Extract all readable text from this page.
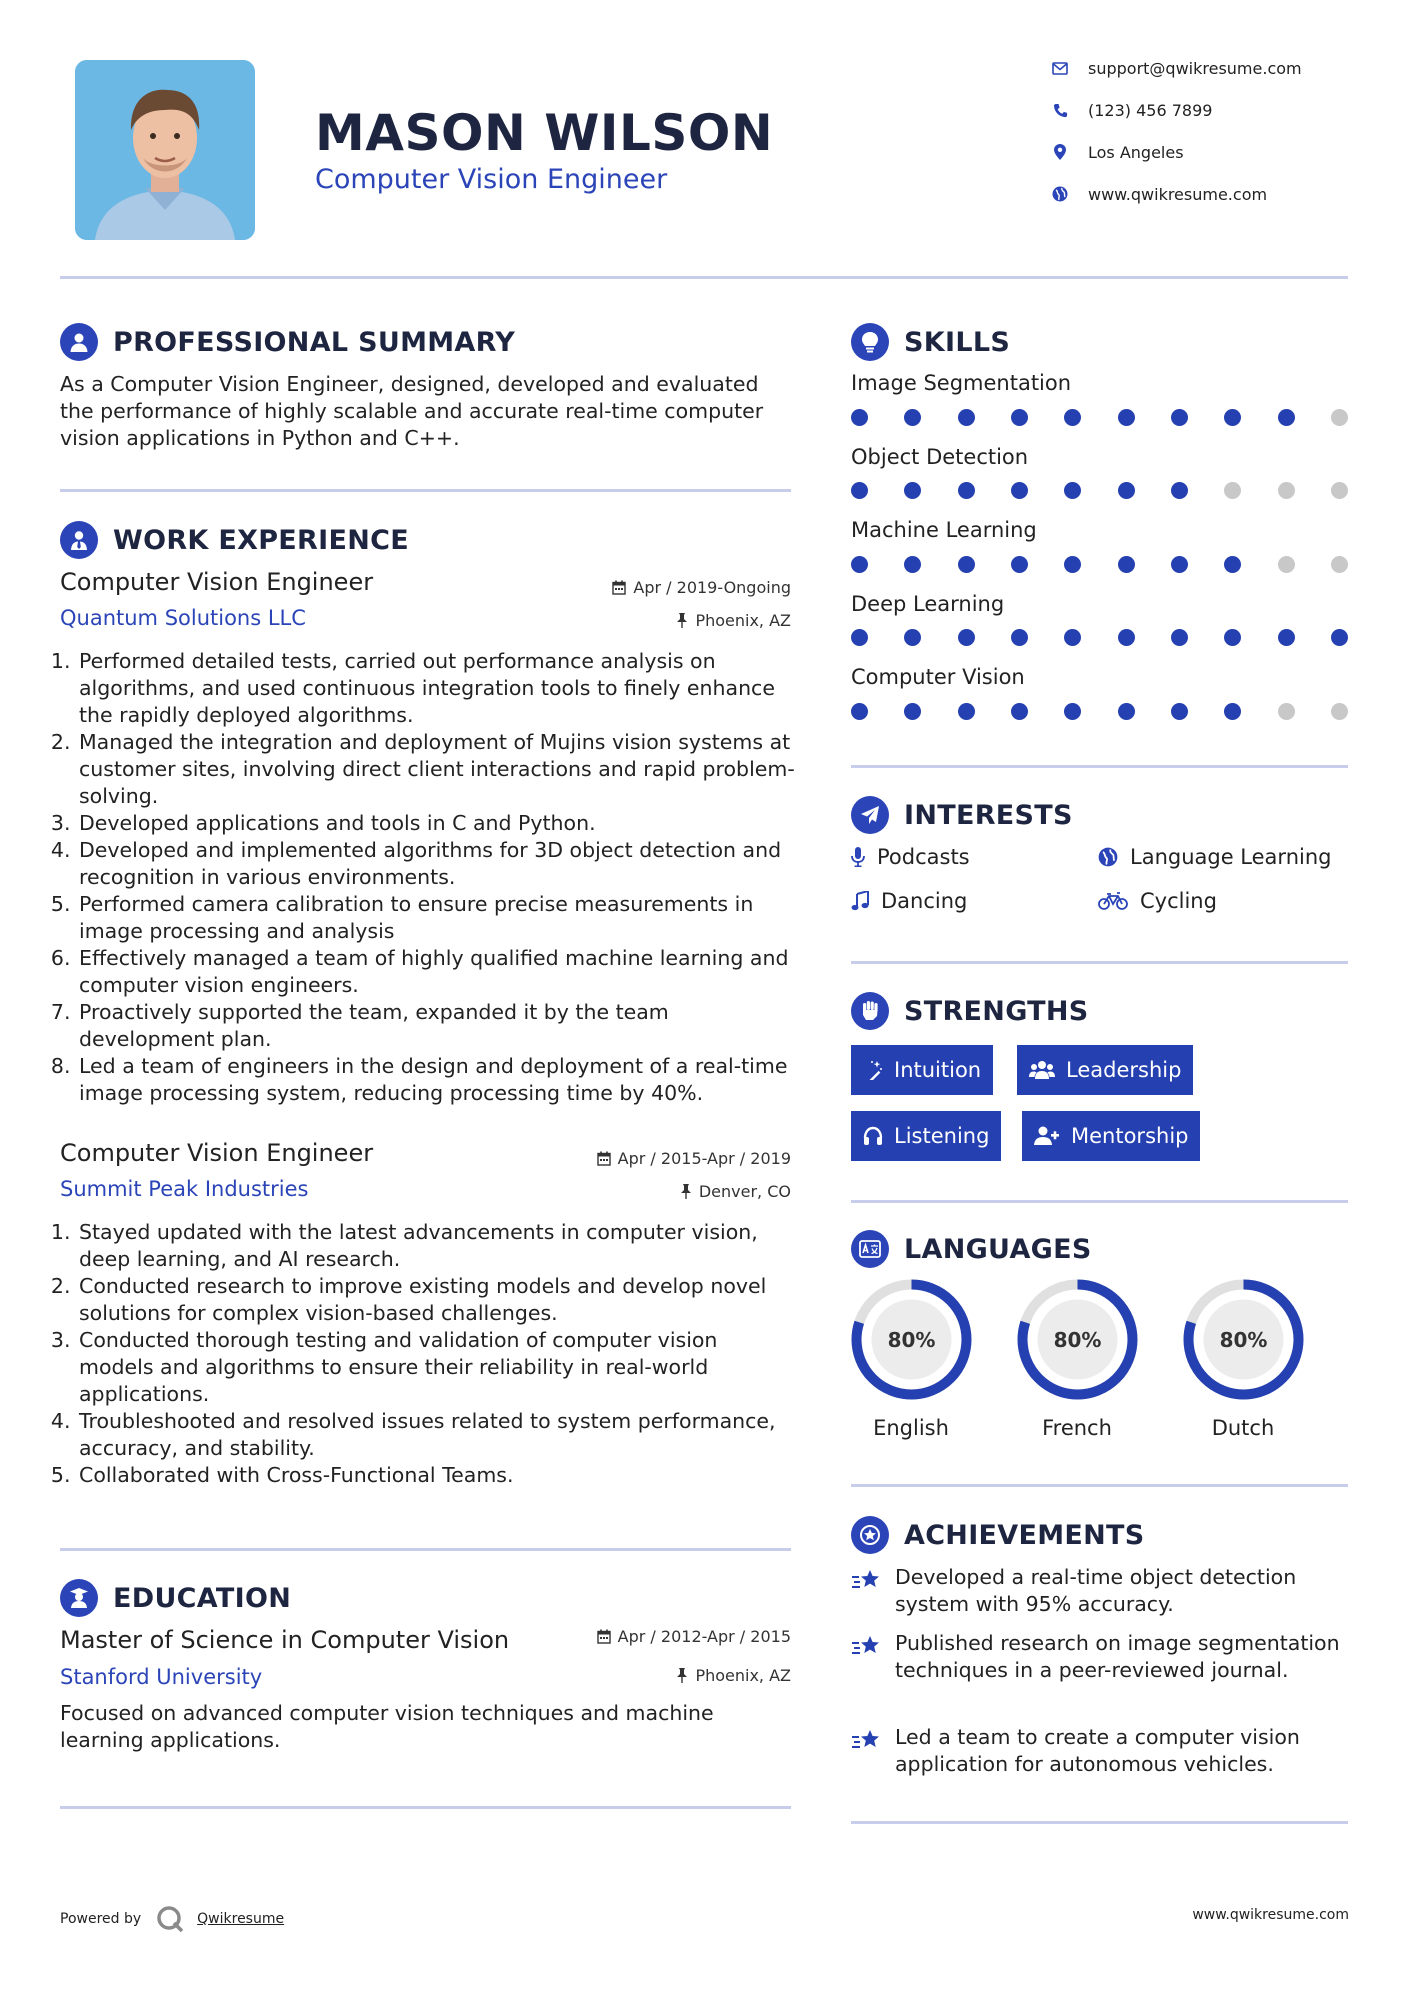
MASON WILSON
Computer Vision Engineer
support@qwikresume.com
(123) 456 7899
Los Angeles
www.qwikresume.com
PROFESSIONAL SUMMARY
As a Computer Vision Engineer, designed, developed and evaluated the performance of highly scalable and accurate real-time computer vision applications in Python and C++.
WORK EXPERIENCE
Computer Vision Engineer
Quantum Solutions LLC
Apr / 2019-Ongoing
Phoenix, AZ
1. Performed detailed tests, carried out performance analysis on algorithms, and used continuous integration tools to finely enhance the rapidly deployed algorithms.
2. Managed the integration and deployment of Mujins vision systems at customer sites, involving direct client interactions and rapid problem-solving.
3. Developed applications and tools in C and Python.
4. Developed and implemented algorithms for 3D object detection and recognition in various environments.
5. Performed camera calibration to ensure precise measurements in image processing and analysis
6. Effectively managed a team of highly qualified machine learning and computer vision engineers.
7. Proactively supported the team, expanded it by the team development plan.
8. Led a team of engineers in the design and deployment of a real-time image processing system, reducing processing time by 40%.
Computer Vision Engineer
Summit Peak Industries
Apr / 2015-Apr / 2019
Denver, CO
1. Stayed updated with the latest advancements in computer vision, deep learning, and AI research.
2. Conducted research to improve existing models and develop novel solutions for complex vision-based challenges.
3. Conducted thorough testing and validation of computer vision models and algorithms to ensure their reliability in real-world applications.
4. Troubleshooted and resolved issues related to system performance, accuracy, and stability.
5. Collaborated with Cross-Functional Teams.
EDUCATION
Master of Science in Computer Vision
Stanford University
Apr / 2012-Apr / 2015
Phoenix, AZ
Focused on advanced computer vision techniques and machine learning applications.
SKILLS
Image Segmentation
Object Detection
Machine Learning
Deep Learning
Computer Vision
INTERESTS
Podcasts	Language Learning
Dancing	Cycling
STRENGTHS
Intuition	Leadership
Listening	Mentorship
LANGUAGES
80%
English
80%
French
80%
Dutch
ACHIEVEMENTS
Developed a real-time object detection system with 95% accuracy.
Published research on image segmentation techniques in a peer-reviewed journal.
Led a team to create a computer vision application for autonomous vehicles.
Powered by	Qwikresume	www.qwikresume.com
